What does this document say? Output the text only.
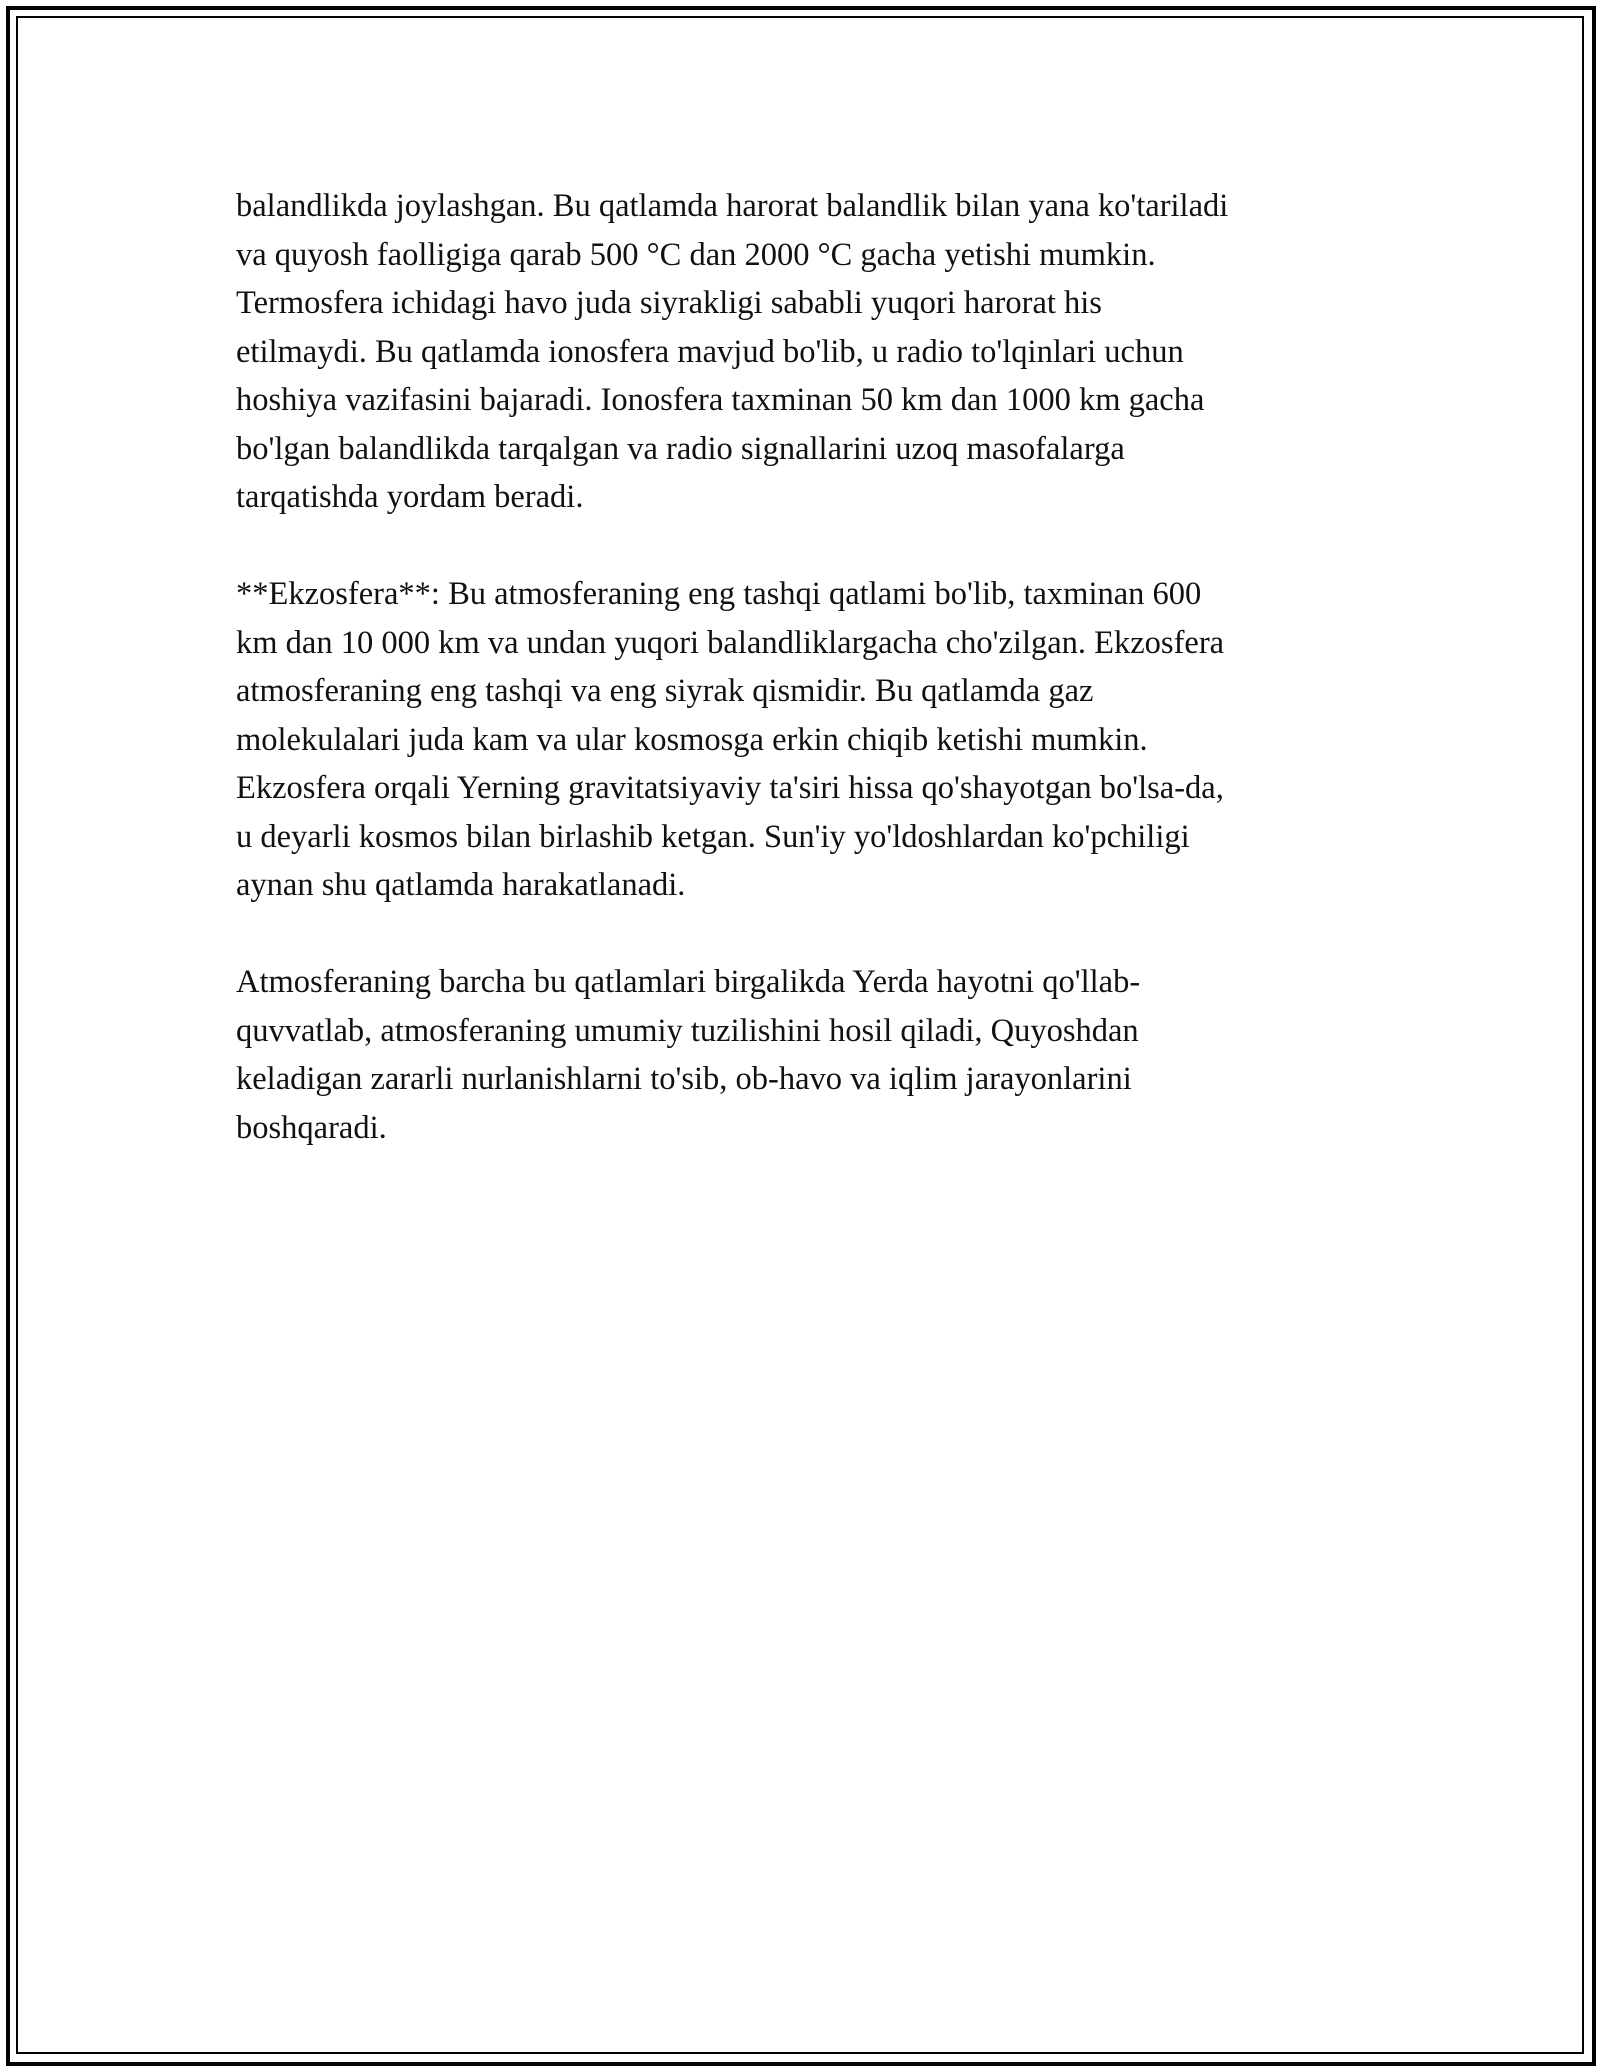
balandlikda joylashgan. Bu qatlamda harorat balandlik bilan yana ko'tariladi
va quyosh faolligiga qarab 500 °C dan 2000 °C gacha yetishi mumkin.
Termosfera ichidagi havo juda siyrakligi sababli yuqori harorat his
etilmaydi. Bu qatlamda ionosfera mavjud bo'lib, u radio to'lqinlari uchun
hoshiya vazifasini bajaradi. Ionosfera taxminan 50 km dan 1000 km gacha
bo'lgan balandlikda tarqalgan va radio signallarini uzoq masofalarga
tarqatishda yordam beradi.

**Ekzosfera**: Bu atmosferaning eng tashqi qatlami bo'lib, taxminan 600
km dan 10 000 km va undan yuqori balandliklargacha cho'zilgan. Ekzosfera
atmosferaning eng tashqi va eng siyrak qismidir. Bu qatlamda gaz
molekulalari juda kam va ular kosmosga erkin chiqib ketishi mumkin.
Ekzosfera orqali Yerning gravitatsiyaviy ta'siri hissa qo'shayotgan bo'lsa-da,
u deyarli kosmos bilan birlashib ketgan. Sun'iy yo'ldoshlardan ko'pchiligi
aynan shu qatlamda harakatlanadi.

Atmosferaning barcha bu qatlamlari birgalikda Yerda hayotni qo'llab-
quvvatlab, atmosferaning umumiy tuzilishini hosil qiladi, Quyoshdan
keladigan zararli nurlanishlarni to'sib, ob-havo va iqlim jarayonlarini
boshqaradi.
